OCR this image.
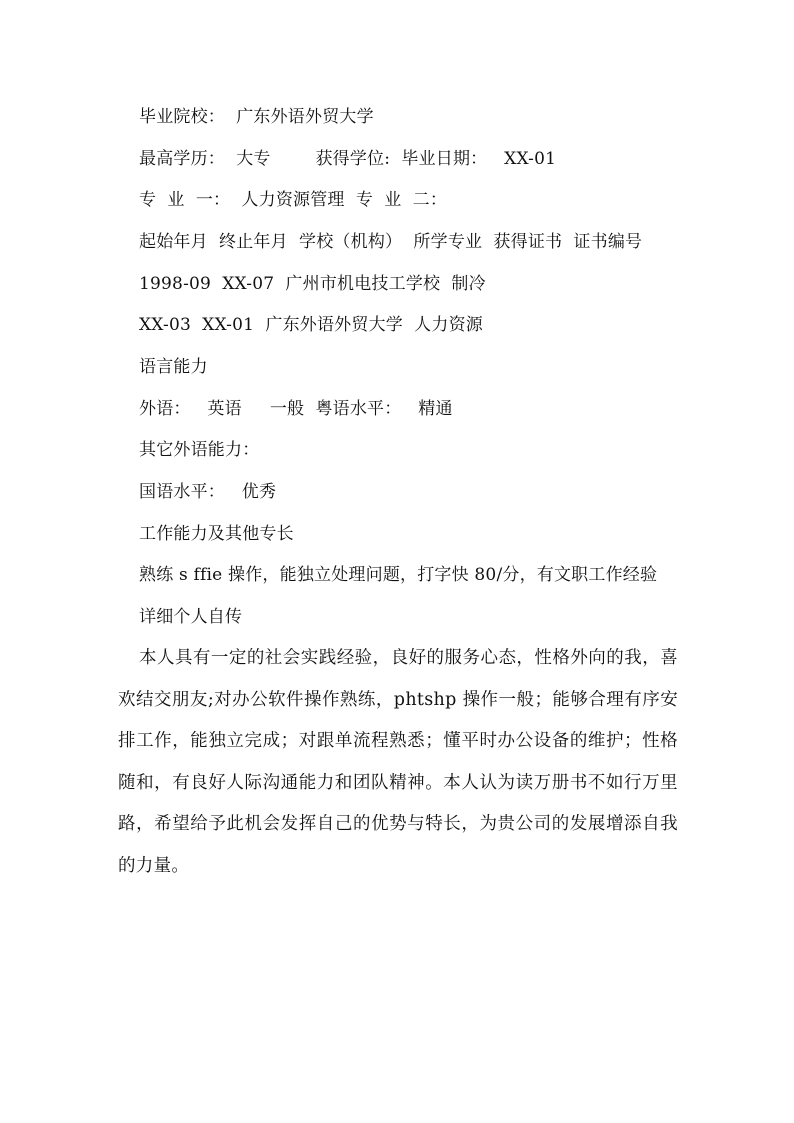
毕业院校：  广东外语外贸大学
最高学历：  大专        获得学位:  毕业日期：   XX-01
专  业  一：  人力资源管理  专  业  二：
起始年月  终止年月  学校（机构）  所学专业  获得证书  证书编号
1998-09  XX-07  广州市机电技工学校  制冷
XX-03  XX-01  广东外语外贸大学  人力资源
语言能力
外语：   英语     一般  粤语水平：   精通
其它外语能力：
国语水平：   优秀
工作能力及其他专长
熟练 s ffie 操作，能独立处理问题，打字快 80/分，有文职工作经验
详细个人自传
本人具有一定的社会实践经验，良好的服务心态，性格外向的我，喜欢结交朋友;对办公软件操作熟练，phtshp 操作一般；能够合理有序安排工作，能独立完成；对跟单流程熟悉；懂平时办公设备的维护；性格随和，有良好人际沟通能力和团队精神。本人认为读万册书不如行万里路，希望给予此机会发挥自己的优势与特长，为贵公司的发展增添自我的力量。
